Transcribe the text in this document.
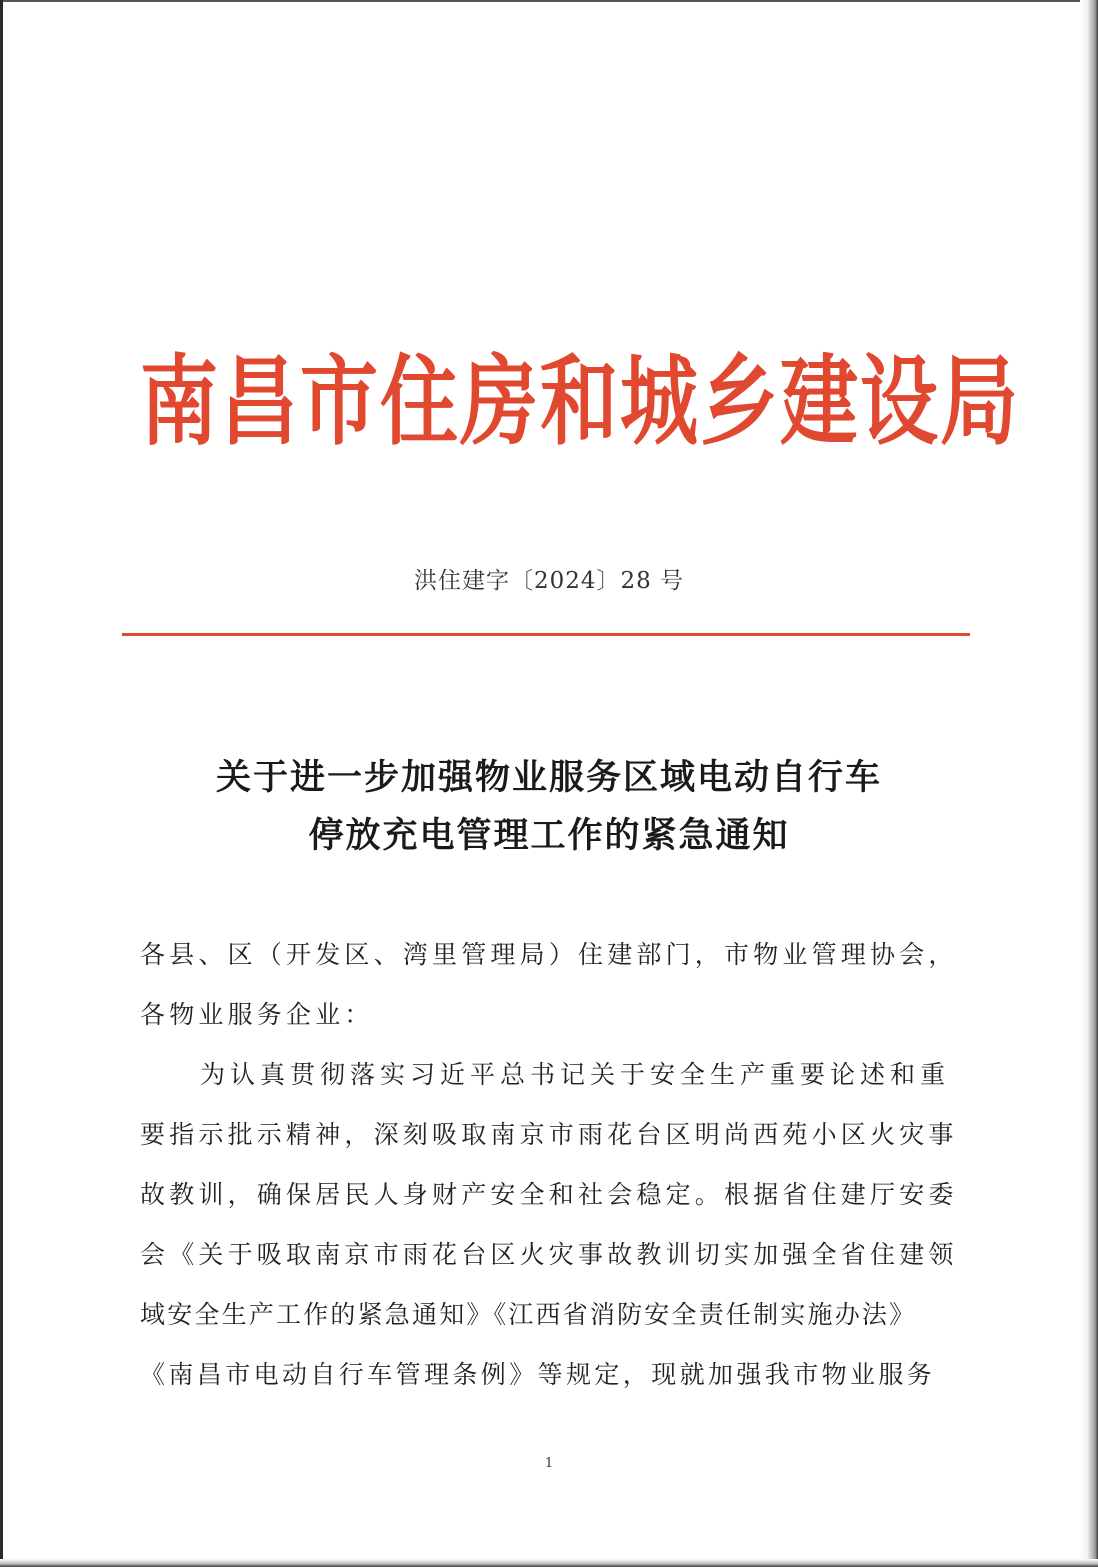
南昌市住房和城乡建设局
洪住建字〔2024〕28 号
关于进一步加强物业服务区域电动自行车
停放充电管理工作的紧急通知
各县、区（开发区、湾里管理局）住建部门，市物业管理协会，
各物业服务企业：
为认真贯彻落实习近平总书记关于安全生产重要论述和重
要指示批示精神，深刻吸取南京市雨花台区明尚西苑小区火灾事
故教训，确保居民人身财产安全和社会稳定。根据省住建厅安委
会《关于吸取南京市雨花台区火灾事故教训切实加强全省住建领
域安全生产工作的紧急通知》《江西省消防安全责任制实施办法》
《南昌市电动自行车管理条例》等规定，现就加强我市物业服务
1
